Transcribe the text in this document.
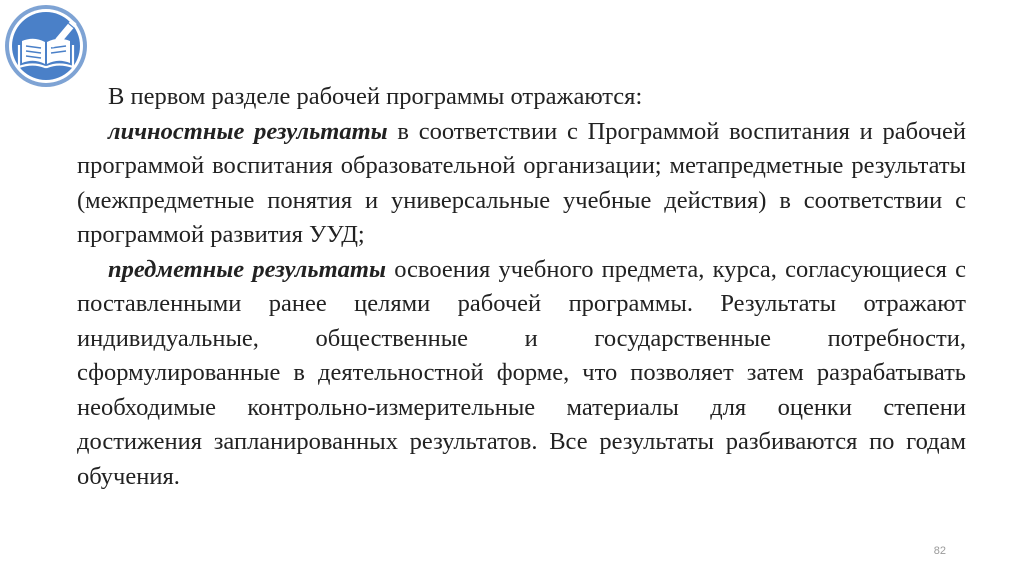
В первом разделе рабочей программы отражаются:

личностные результаты в соответствии с Программой воспитания и рабочей программой воспитания образовательной организации; метапредметные результаты (межпредметные понятия и универсальные учебные действия) в соответствии с программой развития УУД;

предметные результаты освоения учебного предмета, курса, согласующиеся с поставленными ранее целями рабочей программы. Результаты отражают индивидуальные, общественные и государственные потребности, сформулированные в деятельностной форме, что позволяет затем разрабатывать необходимые контрольно-измерительные материалы для оценки степени достижения запланированных результатов. Все результаты разбиваются по годам обучения.

82
